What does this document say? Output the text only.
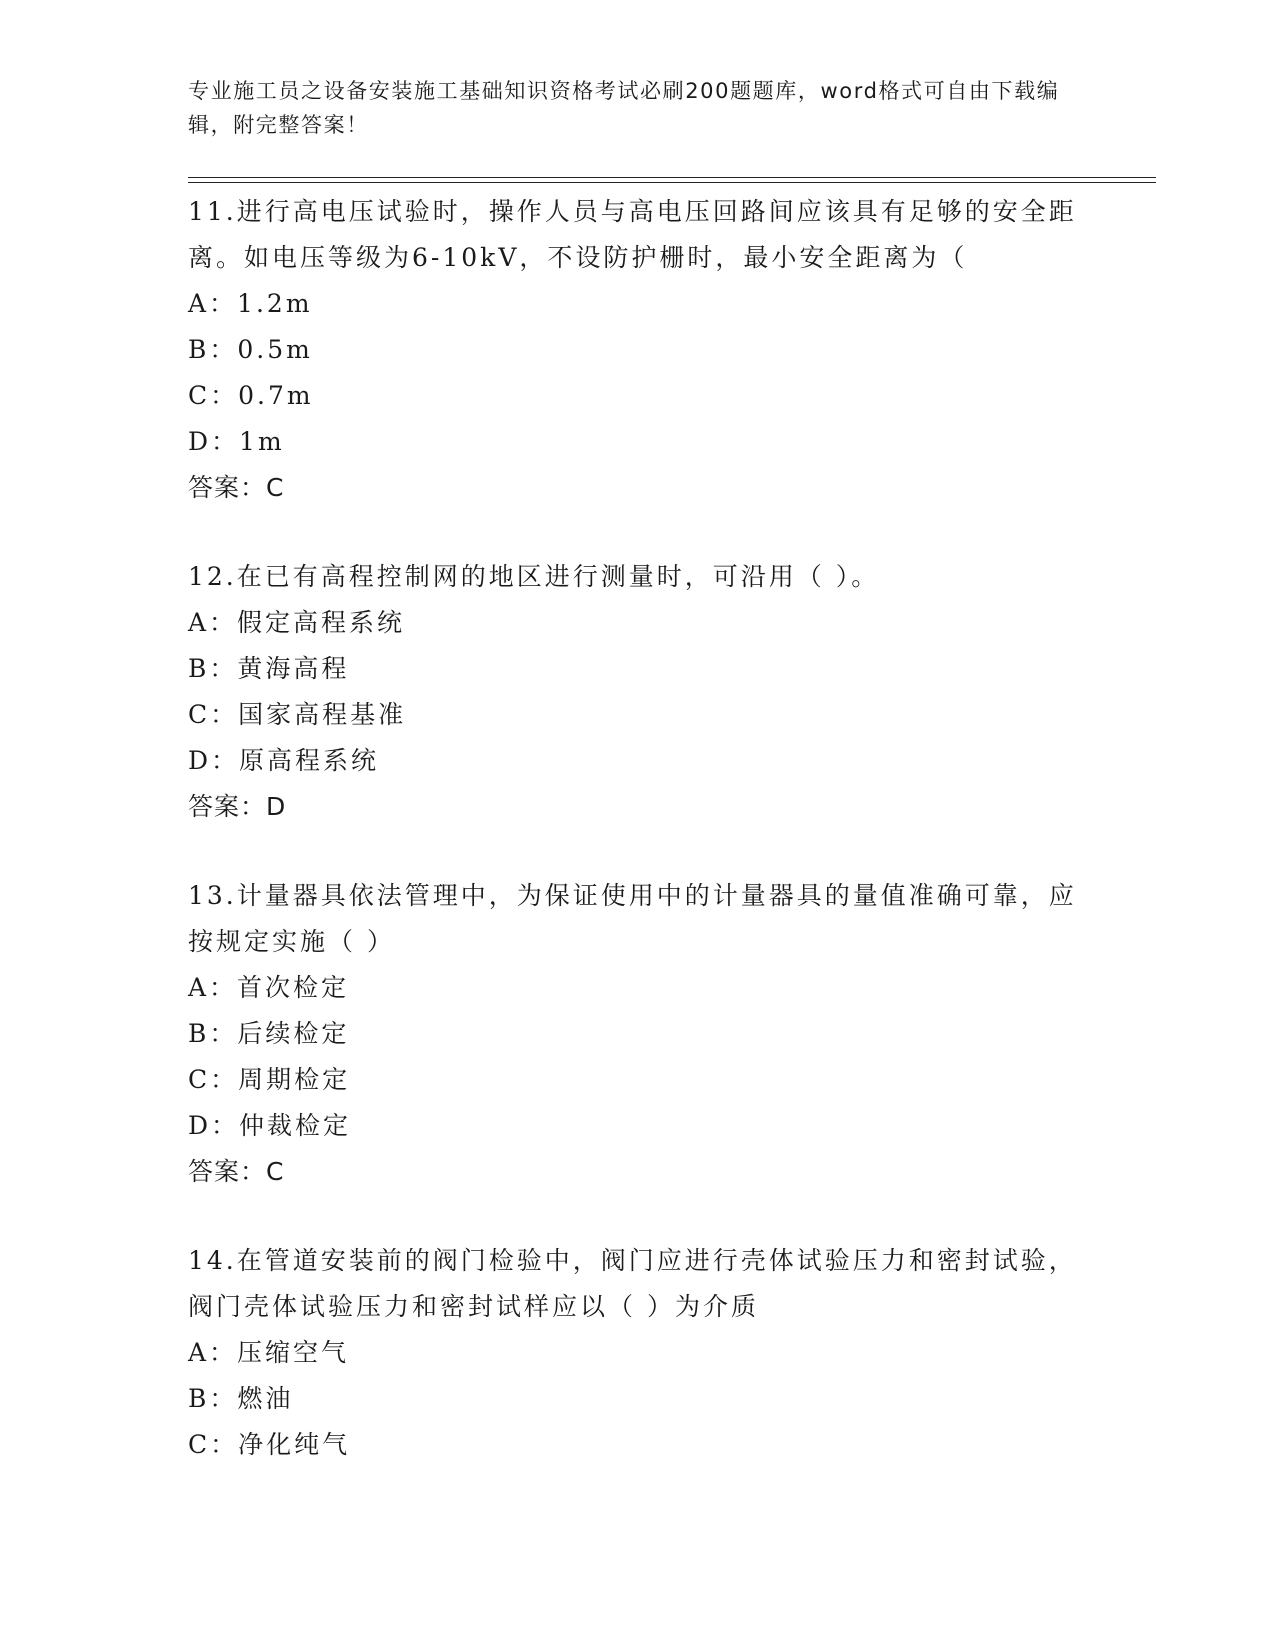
专业施工员之设备安装施工基础知识资格考试必刷200题题库，word格式可自由下载编辑，附完整答案！
11.进行高电压试验时，操作人员与高电压回路间应该具有足够的安全距离。如电压等级为6-10kV，不设防护栅时，最小安全距离为（
A：1.2m
B：0.5m
C：0.7m
D：1m
答案：C
12.在已有高程控制网的地区进行测量时，可沿用（ ）。
A：假定高程系统
B：黄海高程
C：国家高程基准
D：原高程系统
答案：D
13.计量器具依法管理中，为保证使用中的计量器具的量值准确可靠，应按规定实施（ ）
A：首次检定
B：后续检定
C：周期检定
D：仲裁检定
答案：C
14.在管道安装前的阀门检验中，阀门应进行壳体试验压力和密封试验，阀门壳体试验压力和密封试样应以（ ）为介质
A：压缩空气
B：燃油
C：净化纯气
